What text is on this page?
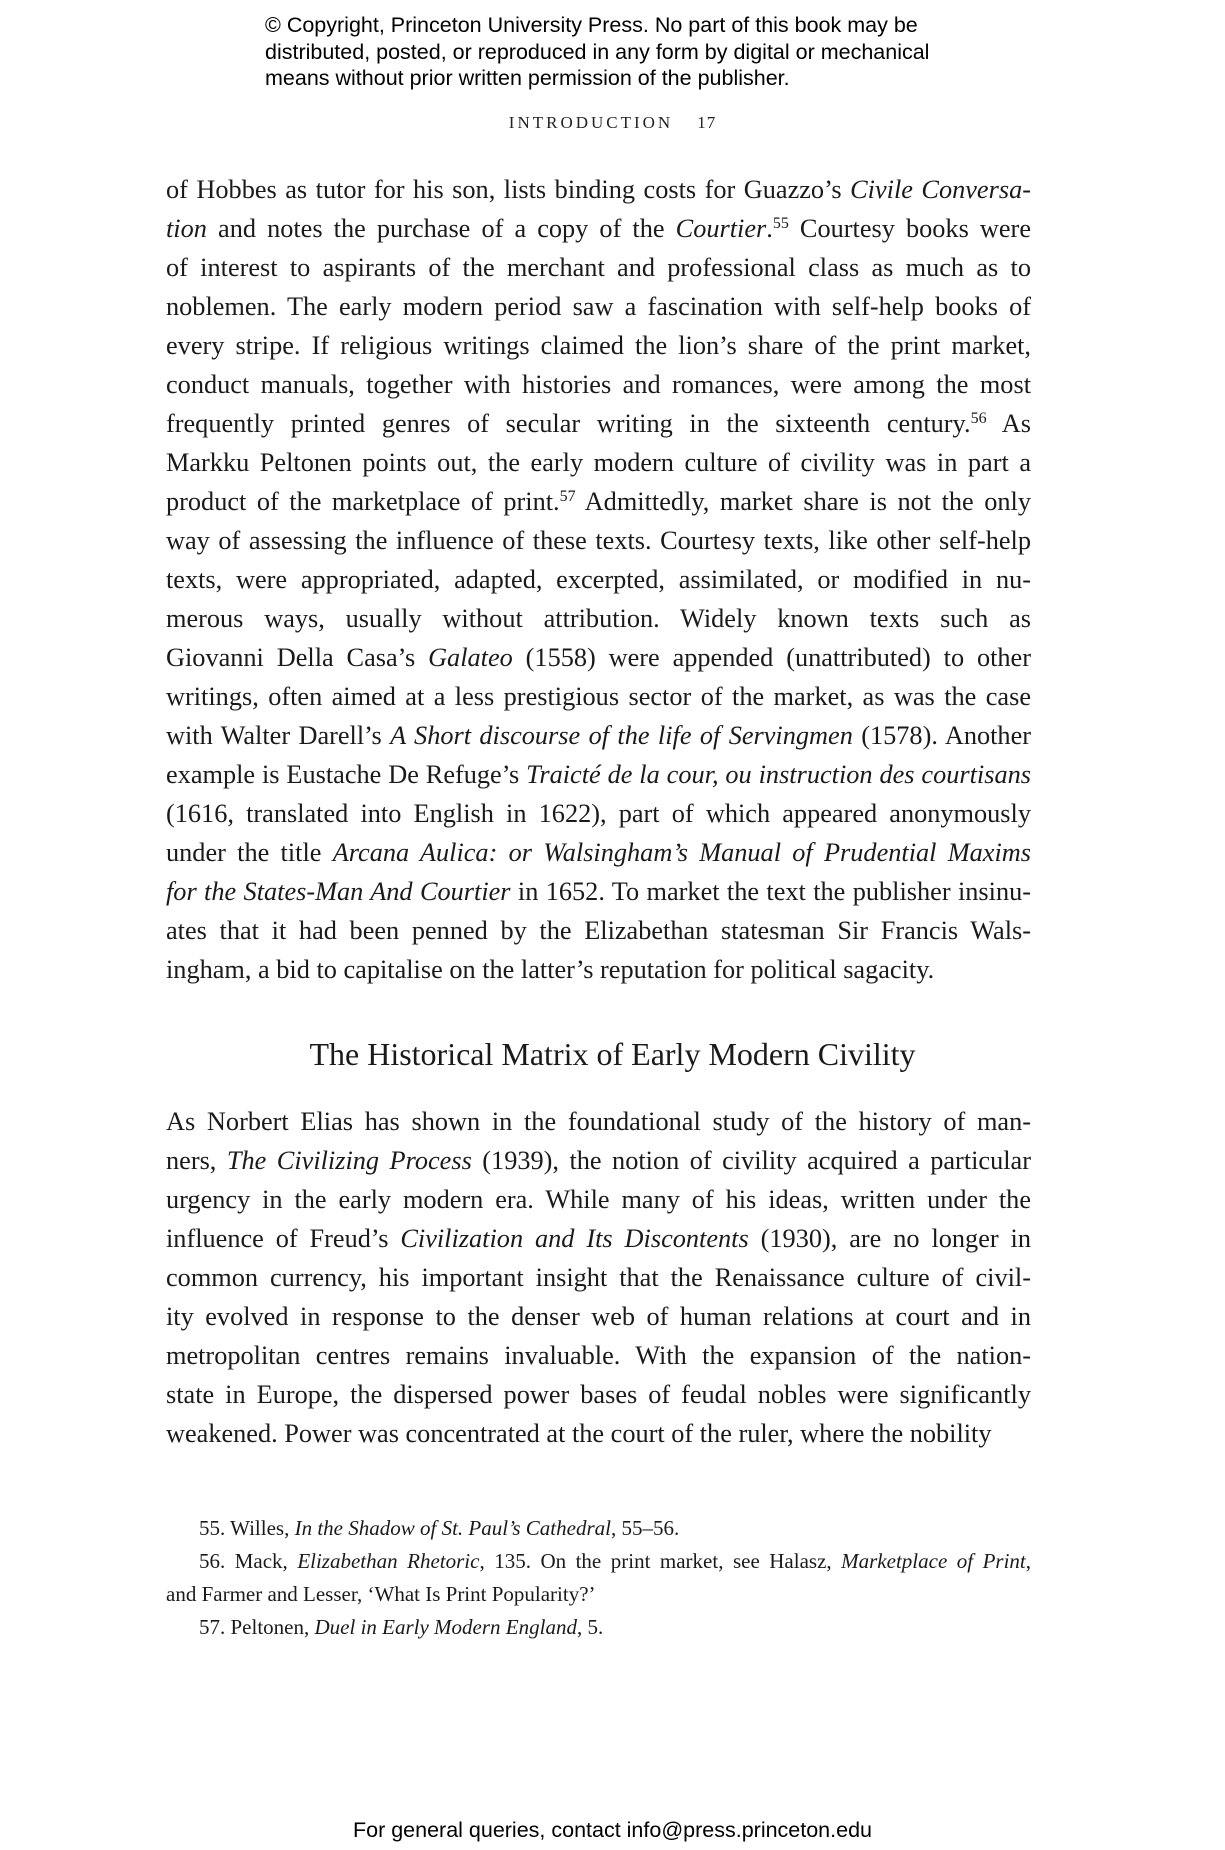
© Copyright, Princeton University Press. No part of this book may be
distributed, posted, or reproduced in any form by digital or mechanical
means without prior written permission of the publisher.
INTRODUCTION 17
of Hobbes as tutor for his son, lists binding costs for Guazzo’s Civile Conversa-
tion and notes the purchase of a copy of the Courtier.$^{55}$ Courtesy books were
of interest to aspirants of the merchant and professional class as much as to
noblemen. The early modern period saw a fascination with self-help books of
every stripe. If religious writings claimed the lion’s share of the print market,
conduct manuals, together with histories and romances, were among the most
frequently printed genres of secular writing in the sixteenth century.$^{56}$ As
Markku Peltonen points out, the early modern culture of civility was in part a
product of the marketplace of print.$^{57}$ Admittedly, market share is not the only
way of assessing the influence of these texts. Courtesy texts, like other self-help
texts, were appropriated, adapted, excerpted, assimilated, or modified in nu-
merous ways, usually without attribution. Widely known texts such as
Giovanni Della Casa’s Galateo (1558) were appended (unattributed) to other
writings, often aimed at a less prestigious sector of the market, as was the case
with Walter Darell’s A Short discourse of the life of Servingmen (1578). Another
example is Eustache De Refuge’s Traicté de la cour, ou instruction des courtisans
(1616, translated into English in 1622), part of which appeared anonymously
under the title Arcana Aulica: or Walsingham’s Manual of Prudential Maxims
for the States-Man And Courtier in 1652. To market the text the publisher insinu-
ates that it had been penned by the Elizabethan statesman Sir Francis Wals-
ingham, a bid to capitalise on the latter’s reputation for political sagacity.
The Historical Matrix of Early Modern Civility
As Norbert Elias has shown in the foundational study of the history of man-
ners, The Civilizing Process (1939), the notion of civility acquired a particular
urgency in the early modern era. While many of his ideas, written under the
influence of Freud’s Civilization and Its Discontents (1930), are no longer in
common currency, his important insight that the Renaissance culture of civil-
ity evolved in response to the denser web of human relations at court and in
metropolitan centres remains invaluable. With the expansion of the nation-
state in Europe, the dispersed power bases of feudal nobles were significantly
weakened. Power was concentrated at the court of the ruler, where the nobility
55. Willes, In the Shadow of St. Paul’s Cathedral, 55–56.
56. Mack, Elizabethan Rhetoric, 135. On the print market, see Halasz, Marketplace of Print,
and Farmer and Lesser, ‘What Is Print Popularity?’
57. Peltonen, Duel in Early Modern England, 5.
For general queries, contact info@press.princeton.edu
